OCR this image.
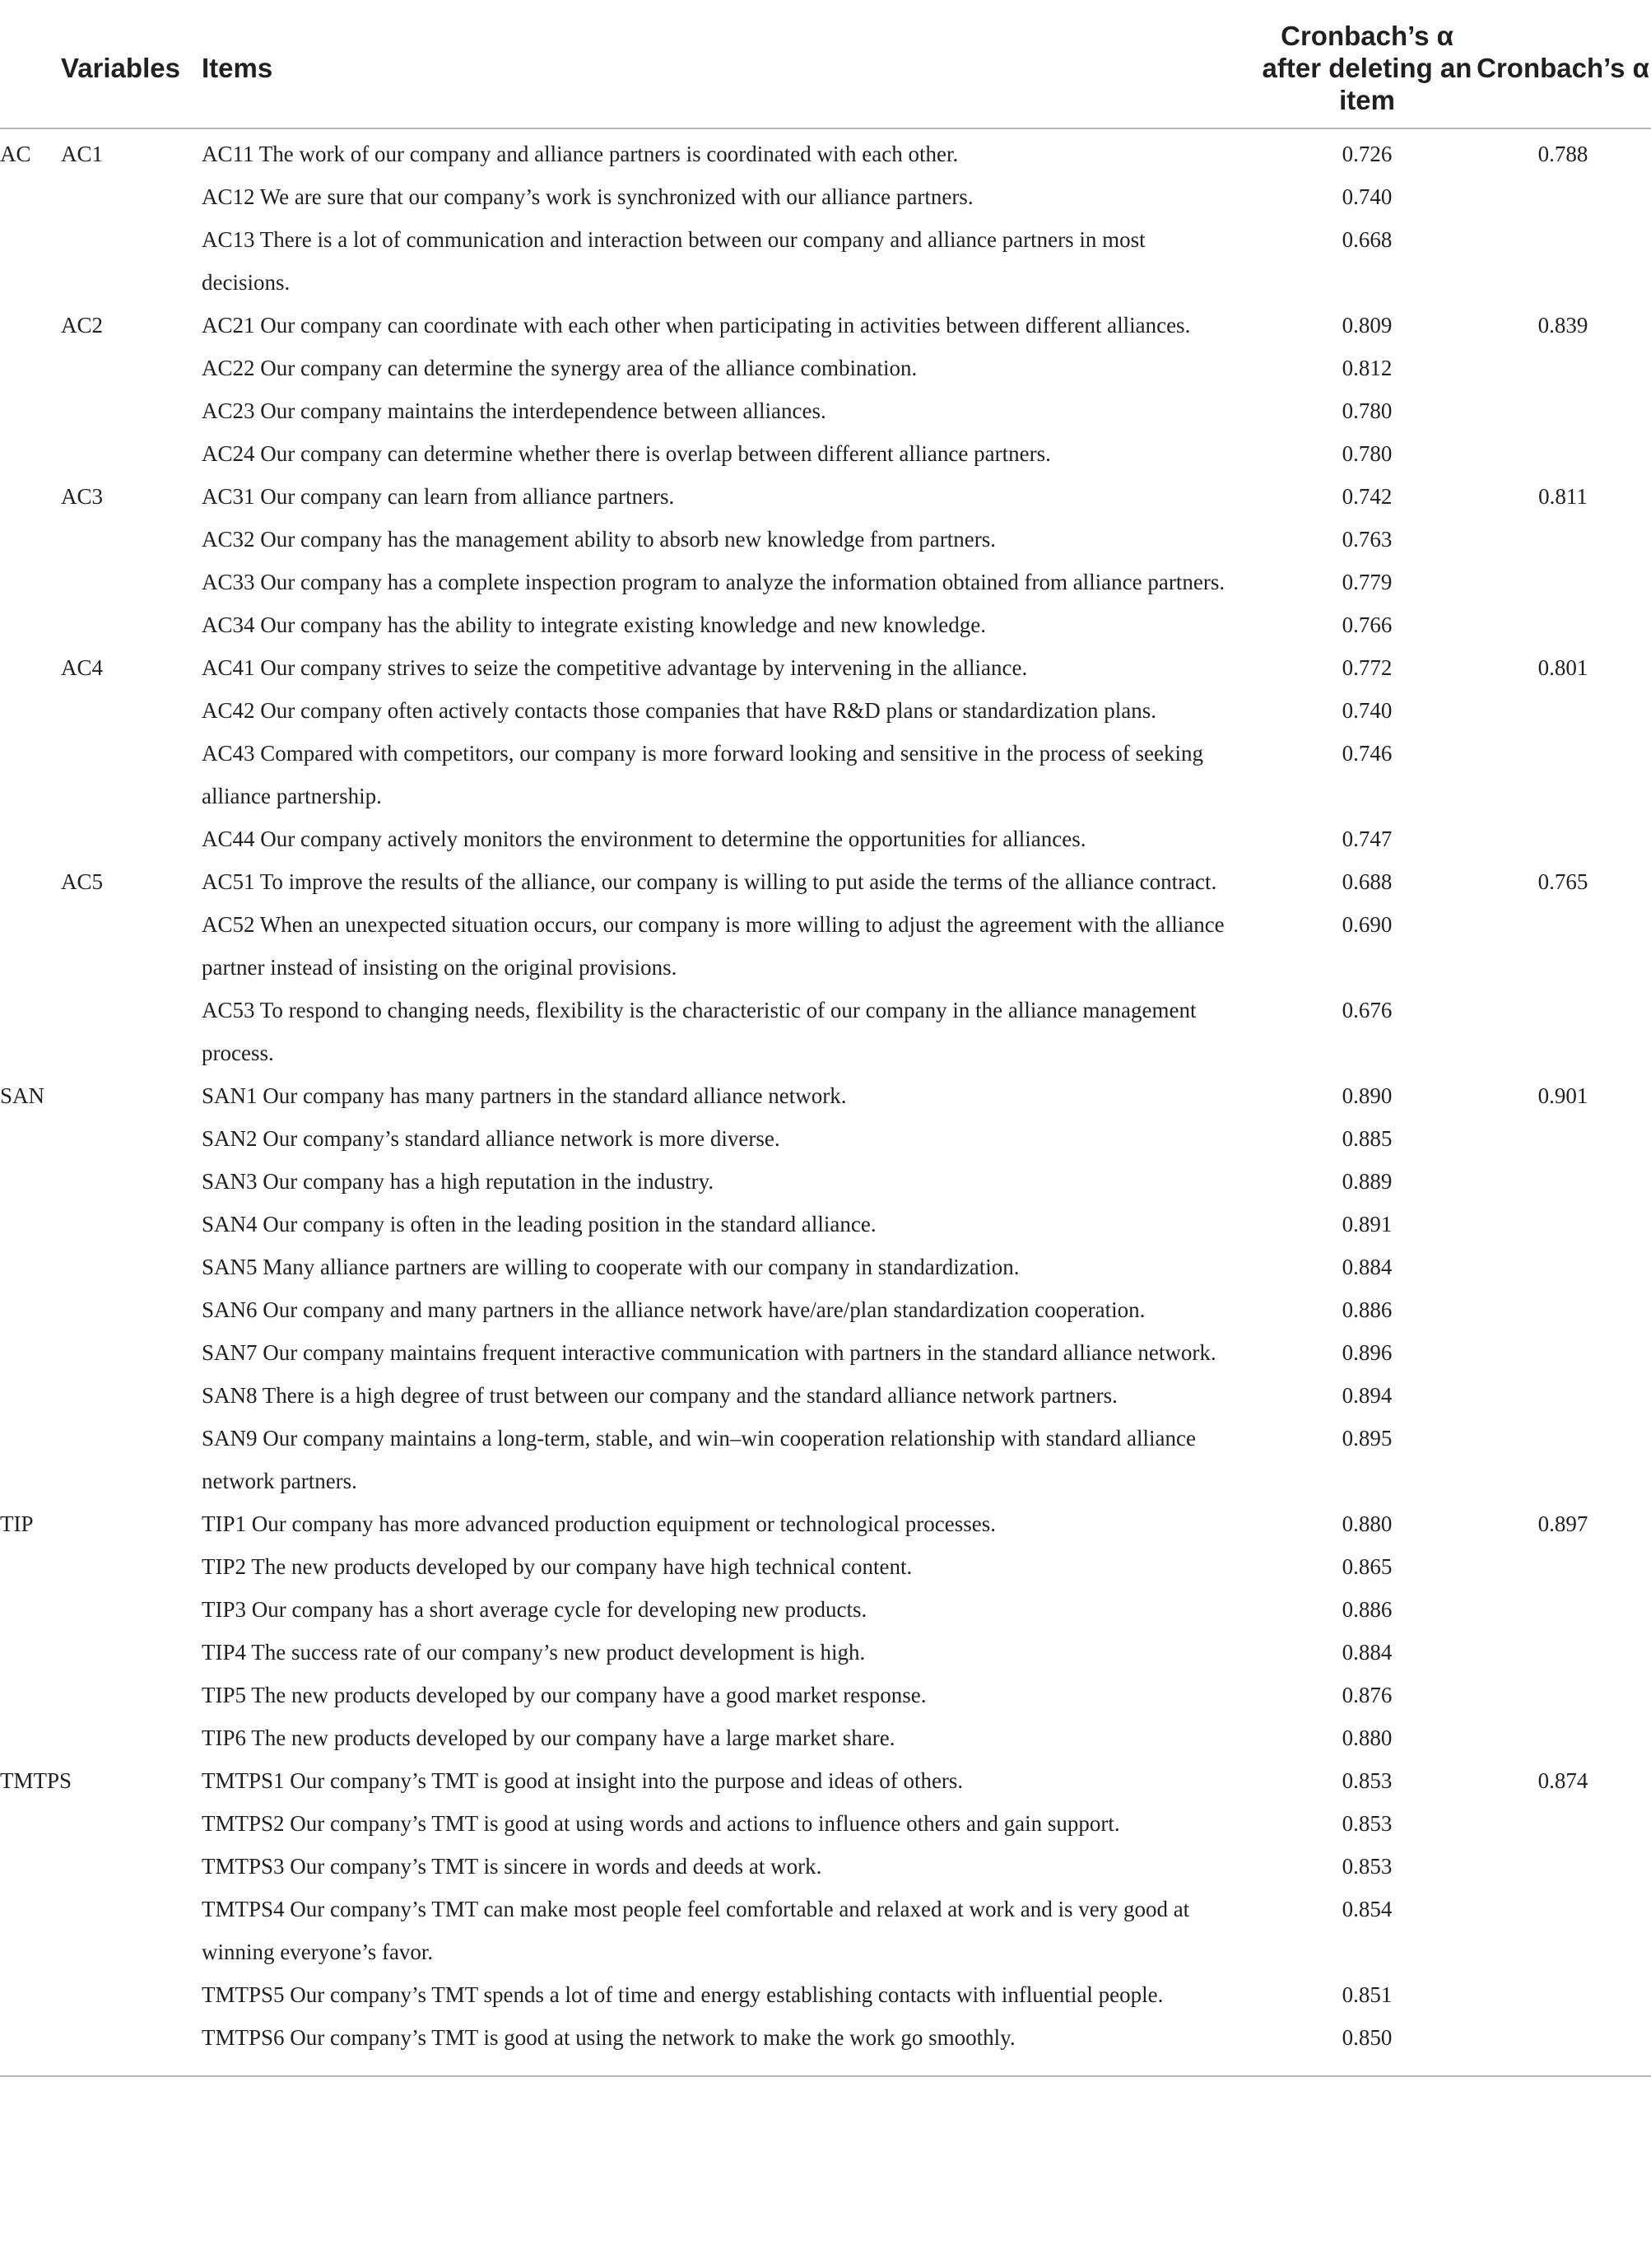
	Variables	Items	Cronbach’s α after deleting an item	Cronbach’s α
AC	AC1	AC11 The work of our company and alliance partners is coordinated with each other.	0.726	0.788
		AC12 We are sure that our company’s work is synchronized with our alliance partners.	0.740	
		AC13 There is a lot of communication and interaction between our company and alliance partners in most decisions.	0.668	
	AC2	AC21 Our company can coordinate with each other when participating in activities between different alliances.	0.809	0.839
		AC22 Our company can determine the synergy area of the alliance combination.	0.812	
		AC23 Our company maintains the interdependence between alliances.	0.780	
		AC24 Our company can determine whether there is overlap between different alliance partners.	0.780	
	AC3	AC31 Our company can learn from alliance partners.	0.742	0.811
		AC32 Our company has the management ability to absorb new knowledge from partners.	0.763	
		AC33 Our company has a complete inspection program to analyze the information obtained from alliance partners.	0.779	
		AC34 Our company has the ability to integrate existing knowledge and new knowledge.	0.766	
	AC4	AC41 Our company strives to seize the competitive advantage by intervening in the alliance.	0.772	0.801
		AC42 Our company often actively contacts those companies that have R&D plans or standardization plans.	0.740	
		AC43 Compared with competitors, our company is more forward looking and sensitive in the process of seeking alliance partnership.	0.746	
		AC44 Our company actively monitors the environment to determine the opportunities for alliances.	0.747	
	AC5	AC51 To improve the results of the alliance, our company is willing to put aside the terms of the alliance contract.	0.688	0.765
		AC52 When an unexpected situation occurs, our company is more willing to adjust the agreement with the alliance partner instead of insisting on the original provisions.	0.690	
		AC53 To respond to changing needs, flexibility is the characteristic of our company in the alliance management process.	0.676	
SAN		SAN1 Our company has many partners in the standard alliance network.	0.890	0.901
		SAN2 Our company’s standard alliance network is more diverse.	0.885	
		SAN3 Our company has a high reputation in the industry.	0.889	
		SAN4 Our company is often in the leading position in the standard alliance.	0.891	
		SAN5 Many alliance partners are willing to cooperate with our company in standardization.	0.884	
		SAN6 Our company and many partners in the alliance network have/are/plan standardization cooperation.	0.886	
		SAN7 Our company maintains frequent interactive communication with partners in the standard alliance network.	0.896	
		SAN8 There is a high degree of trust between our company and the standard alliance network partners.	0.894	
		SAN9 Our company maintains a long-term, stable, and win–win cooperation relationship with standard alliance network partners.	0.895	
TIP		TIP1 Our company has more advanced production equipment or technological processes.	0.880	0.897
		TIP2 The new products developed by our company have high technical content.	0.865	
		TIP3 Our company has a short average cycle for developing new products.	0.886	
		TIP4 The success rate of our company’s new product development is high.	0.884	
		TIP5 The new products developed by our company have a good market response.	0.876	
		TIP6 The new products developed by our company have a large market share.	0.880	
TMTPS		TMTPS1 Our company’s TMT is good at insight into the purpose and ideas of others.	0.853	0.874
		TMTPS2 Our company’s TMT is good at using words and actions to influence others and gain support.	0.853	
		TMTPS3 Our company’s TMT is sincere in words and deeds at work.	0.853	
		TMTPS4 Our company’s TMT can make most people feel comfortable and relaxed at work and is very good at winning everyone’s favor.	0.854	
		TMTPS5 Our company’s TMT spends a lot of time and energy establishing contacts with influential people.	0.851	
		TMTPS6 Our company’s TMT is good at using the network to make the work go smoothly.	0.850	
